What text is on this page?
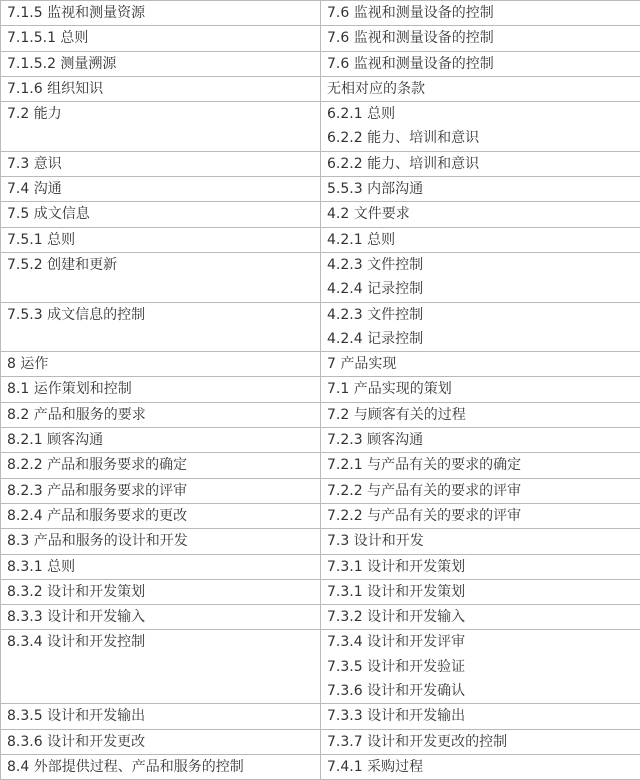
7.1.5 监视和测量资源	7.6 监视和测量设备的控制

7.1.5.1 总则	7.6 监视和测量设备的控制

7.1.5.2 测量溯源	7.6 监视和测量设备的控制

7.1.6 组织知识	无相对应的条款

7.2 能力	6.2.1 总则
6.2.2 能力、培训和意识

7.3 意识	6.2.2 能力、培训和意识

7.4 沟通	5.5.3 内部沟通

7.5 成文信息	4.2 文件要求

7.5.1 总则	4.2.1 总则

7.5.2 创建和更新	4.2.3 文件控制
4.2.4 记录控制

7.5.3 成文信息的控制	4.2.3 文件控制
4.2.4 记录控制

8 运作	7 产品实现

8.1 运作策划和控制	7.1 产品实现的策划

8.2 产品和服务的要求	7.2 与顾客有关的过程

8.2.1 顾客沟通	7.2.3 顾客沟通

8.2.2 产品和服务要求的确定	7.2.1 与产品有关的要求的确定

8.2.3 产品和服务要求的评审	7.2.2 与产品有关的要求的评审

8.2.4 产品和服务要求的更改	7.2.2 与产品有关的要求的评审

8.3 产品和服务的设计和开发	7.3 设计和开发

8.3.1 总则	7.3.1 设计和开发策划

8.3.2 设计和开发策划	7.3.1 设计和开发策划

8.3.3 设计和开发输入	7.3.2 设计和开发输入

8.3.4 设计和开发控制	7.3.4 设计和开发评审
7.3.5 设计和开发验证
7.3.6 设计和开发确认

8.3.5 设计和开发输出	7.3.3 设计和开发输出

8.3.6 设计和开发更改	7.3.7 设计和开发更改的控制

8.4 外部提供过程、产品和服务的控制	7.4.1 采购过程
